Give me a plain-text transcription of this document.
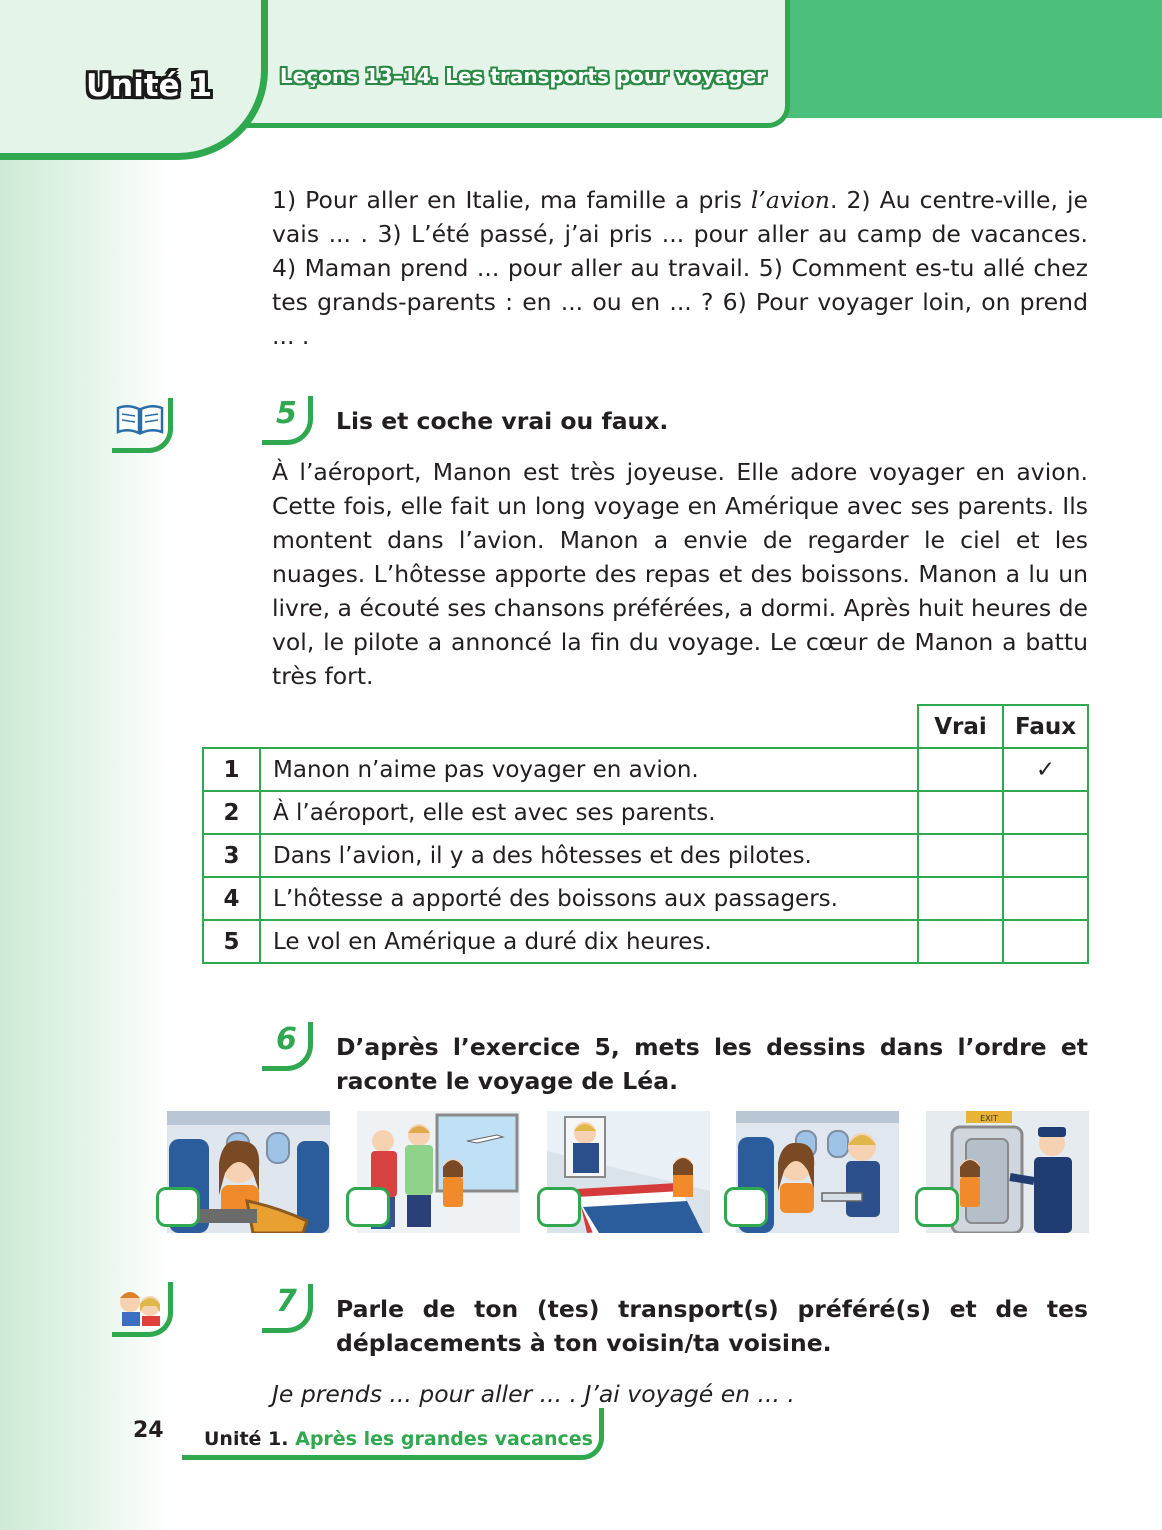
Unité 1	Leçons 13–14. Les transports pour voyager

1) Pour aller en Italie, ma famille a pris l’avion. 2) Au centre-ville, je vais ... . 3) L’été passé, j’ai pris ... pour aller au camp de vacances. 4) Maman prend ... pour aller au travail. 5) Comment es-tu allé chez tes grands-parents : en ... ou en ... ? 6) Pour voyager loin, on prend ... .

5 Lis et coche vrai ou faux.

À l’aéroport, Manon est très joyeuse. Elle adore voyager en avion. Cette fois, elle fait un long voyage en Amérique avec ses parents. Ils montent dans l’avion. Manon a envie de regarder le ciel et les nuages. L’hôtesse apporte des repas et des boissons. Manon a lu un livre, a écouté ses chansons préférées, a dormi. Après huit heures de vol, le pilote a annoncé la fin du voyage. Le cœur de Manon a battu très fort.

		Vrai	Faux
1	Manon n’aime pas voyager en avion.		✓
2	À l’aéroport, elle est avec ses parents.		
3	Dans l’avion, il y a des hôtesses et des pilotes.		
4	L’hôtesse a apporté des boissons aux passagers.		
5	Le vol en Amérique a duré dix heures.		
6 D’après l’exercice 5, mets les dessins dans l’ordre et raconte le voyage de Léa.

EXIT
7 Parle de ton (tes) transport(s) préféré(s) et de tes déplacements à ton voisin/ta voisine.

Je prends ... pour aller ... . J’ai voyagé en ... .

24 Unité 1. Après les grandes vacances
